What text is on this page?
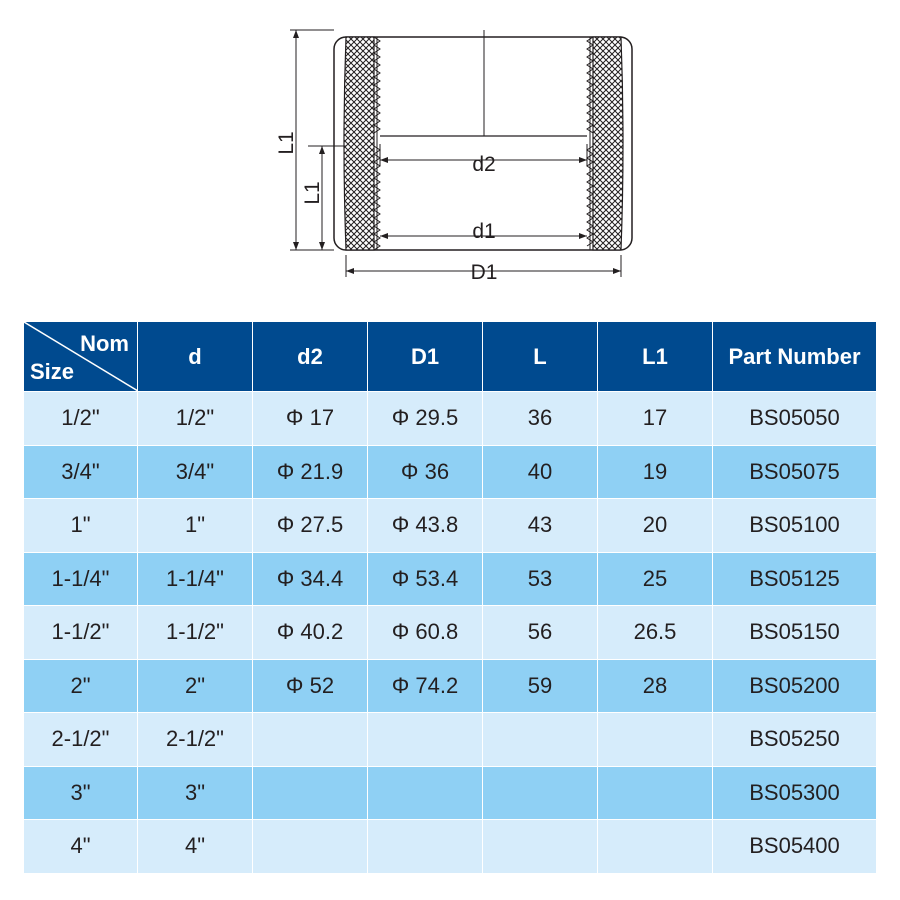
d2
d1
D1
L1
L1
Nom
Size	d	d2	D1	L	L1	Part Number
1/2"	1/2"	Φ 17	Φ 29.5	36	17	BS05050
3/4"	3/4"	Φ 21.9	Φ 36	40	19	BS05075
1"	1"	Φ 27.5	Φ 43.8	43	20	BS05100
1-1/4"	1-1/4"	Φ 34.4	Φ 53.4	53	25	BS05125
1-1/2"	1-1/2"	Φ 40.2	Φ 60.8	56	26.5	BS05150
2"	2"	Φ 52	Φ 74.2	59	28	BS05200
2-1/2"	2-1/2"					BS05250
3"	3"					BS05300
4"	4"					BS05400
